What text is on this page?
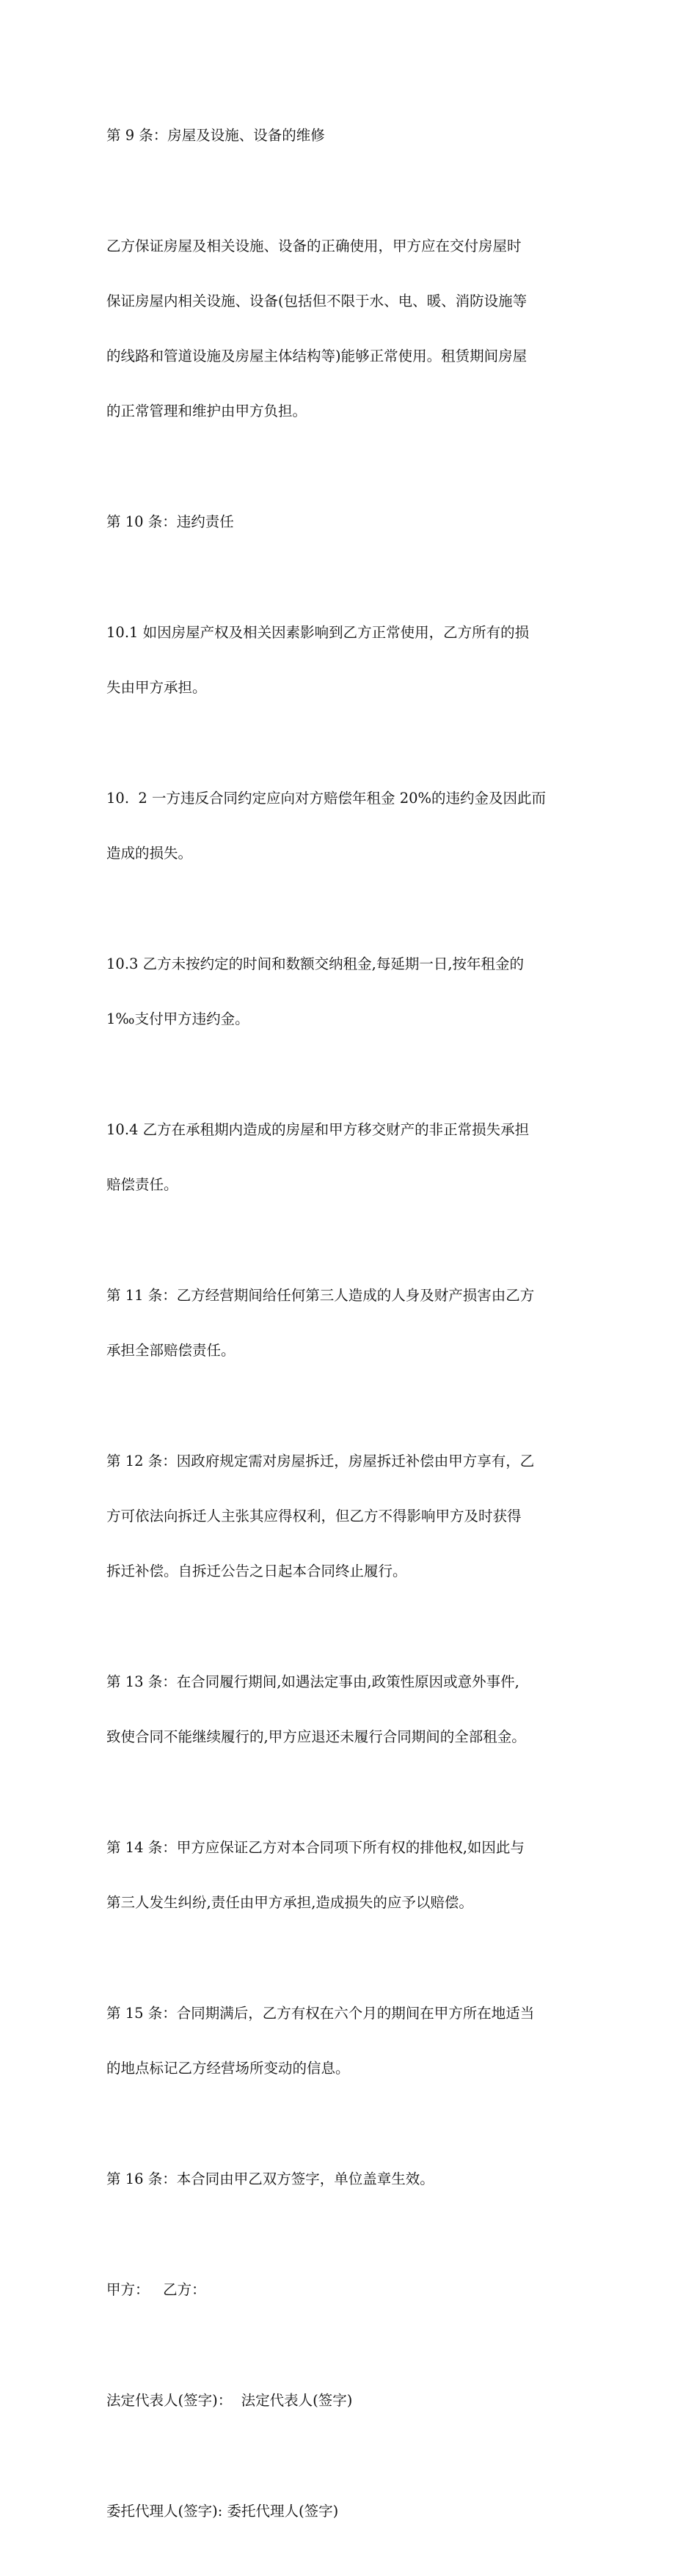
第 9 条：房屋及设施、设备的维修

乙方保证房屋及相关设施、设备的正确使用，甲方应在交付房屋时

保证房屋内相关设施、设备(包括但不限于水、电、暖、消防设施等

的线路和管道设施及房屋主体结构等)能够正常使用。租赁期间房屋

的正常管理和维护由甲方负担。

第 10 条：违约责任

10.1 如因房屋产权及相关因素影响到乙方正常使用，乙方所有的损

失由甲方承担。

10.  2 一方违反合同约定应向对方赔偿年租金 20%的违约金及因此而

造成的损失。

10.3 乙方未按约定的时间和数额交纳租金,每延期一日,按年租金的

1‰支付甲方违约金。

10.4 乙方在承租期内造成的房屋和甲方移交财产的非正常损失承担

赔偿责任。

第 11 条：乙方经营期间给任何第三人造成的人身及财产损害由乙方

承担全部赔偿责任。

第 12 条：因政府规定需对房屋拆迁，房屋拆迁补偿由甲方享有，乙

方可依法向拆迁人主张其应得权利，但乙方不得影响甲方及时获得

拆迁补偿。自拆迁公告之日起本合同终止履行。

第 13 条：在合同履行期间,如遇法定事由,政策性原因或意外事件,

致使合同不能继续履行的,甲方应退还未履行合同期间的全部租金。

第 14 条：甲方应保证乙方对本合同项下所有权的排他权,如因此与

第三人发生纠纷,责任由甲方承担,造成损失的应予以赔偿。

第 15 条：合同期满后，乙方有权在六个月的期间在甲方所在地适当

的地点标记乙方经营场所变动的信息。

第 16 条：本合同由甲乙双方签字，单位盖章生效。

甲方：   乙方：

法定代表人(签字)：  法定代表人(签字)

委托代理人(签字): 委托代理人(签字)
